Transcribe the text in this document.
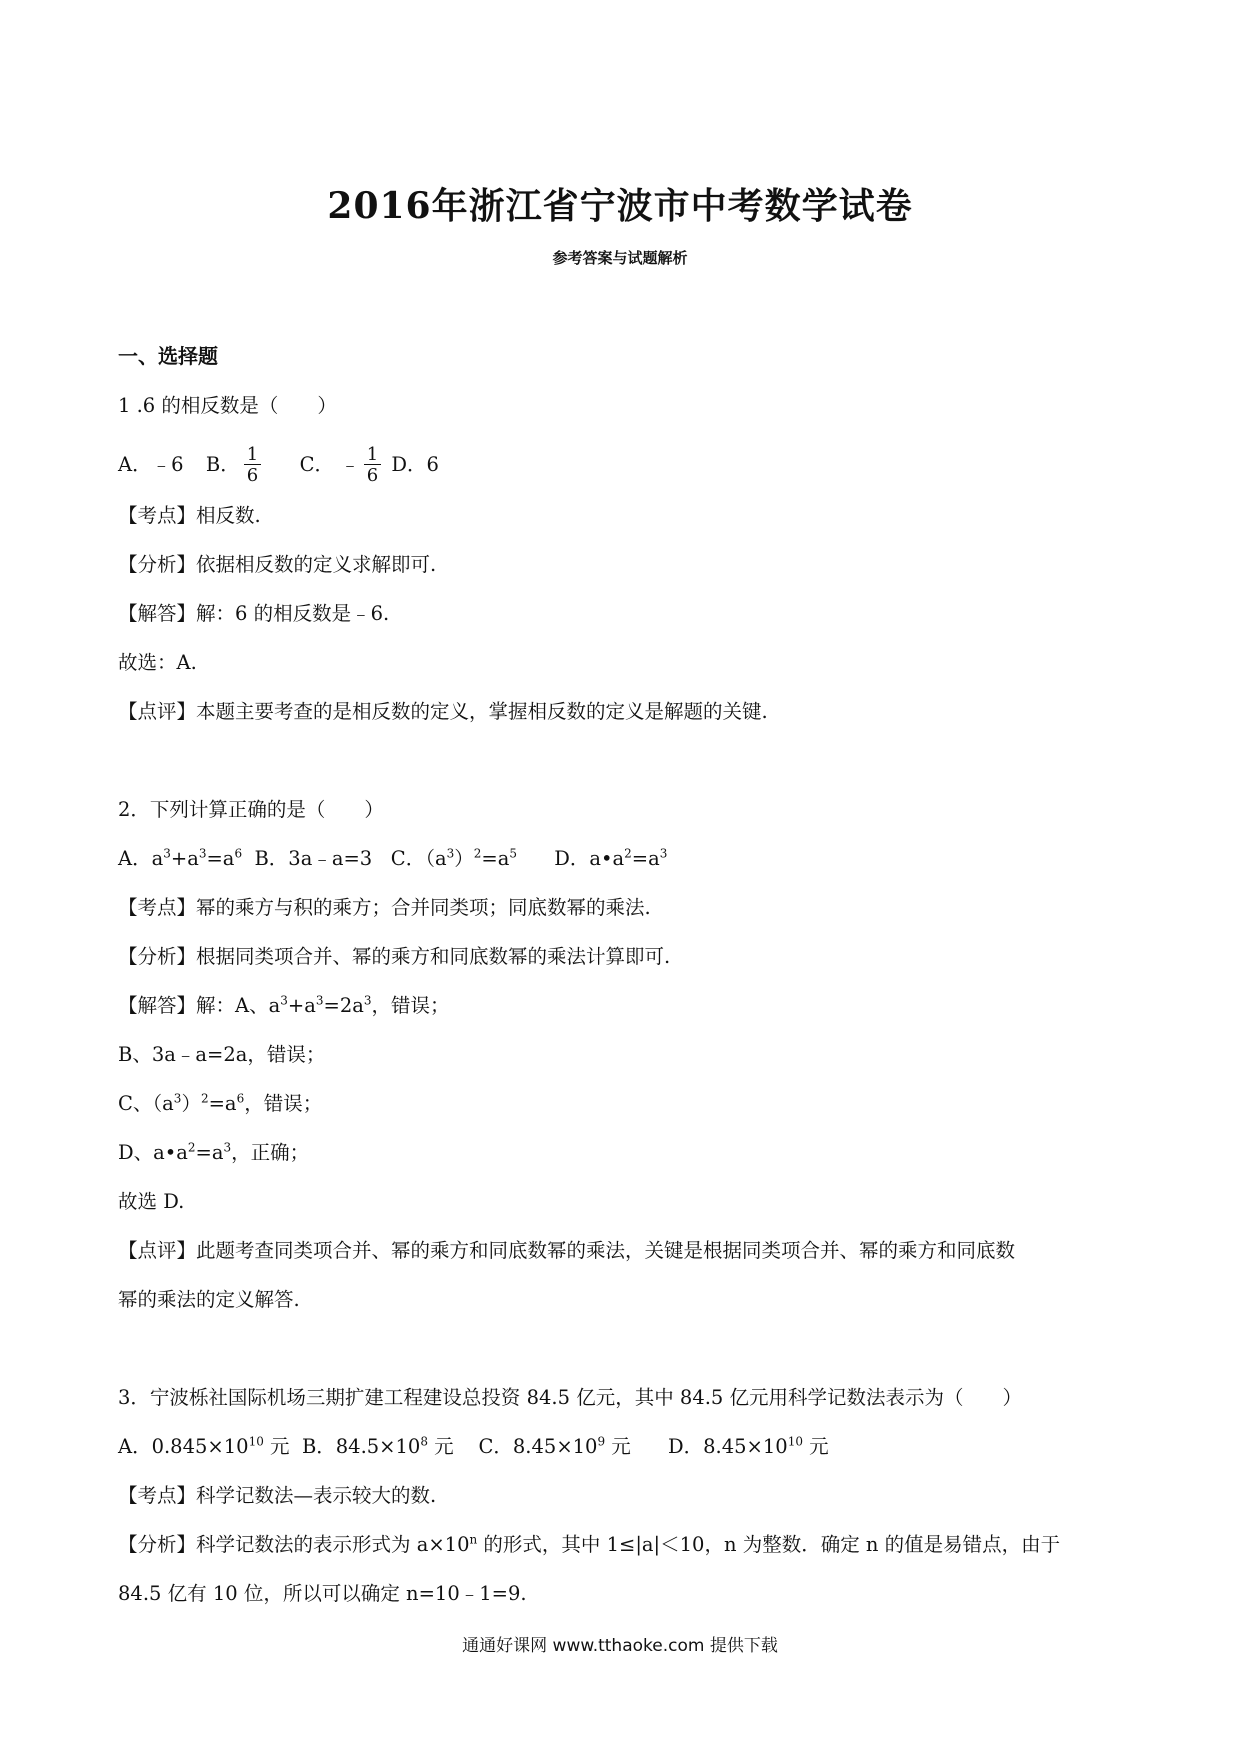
2016年浙江省宁波市中考数学试卷
参考答案与试题解析
一、选择题
1 .6 的相反数是（　　）
A．﹣6 B． $\frac{1}{6}$ C． ﹣ $\frac{1}{6}$ D．6
【考点】相反数.
【分析】依据相反数的定义求解即可.
【解答】解：6 的相反数是﹣6.
故选：A.
【点评】本题主要考查的是相反数的定义，掌握相反数的定义是解题的关键.
2．下列计算正确的是（　　）
A．$a^3+a^3=a^6$  B．3a﹣a=3   C．$(a^3)^2=a^5$      D．$a•a^2=a^3$
【考点】幂的乘方与积的乘方；合并同类项；同底数幂的乘法.
【分析】根据同类项合并、幂的乘方和同底数幂的乘法计算即可.
【解答】解：A、$a^3+a^3=2a^3$，错误；
B、3a﹣a=2a，错误；
C、$(a^3)^2=a^6$，错误；
D、$a•a^2=a^3$，正确；
故选 D.
【点评】此题考查同类项合并、幂的乘方和同底数幂的乘法，关键是根据同类项合并、幂的乘方和同底数
幂的乘法的定义解答.
3．宁波栎社国际机场三期扩建工程建设总投资 84.5 亿元，其中 84.5 亿元用科学记数法表示为（　　）
A．$0.845\times 10^{10}$ 元  B．$84.5\times 10^8$ 元    C．$8.45\times 10^9$ 元      D．$8.45\times 10^{10}$ 元
【考点】科学记数法—表示较大的数.
【分析】科学记数法的表示形式为 $a\times 10^n$ 的形式，其中 1≤|a|＜10，n 为整数．确定 n 的值是易错点，由于
84.5 亿有 10 位，所以可以确定 n=10﹣1=9.
通通好课网 www.tthaoke.com 提供下载
